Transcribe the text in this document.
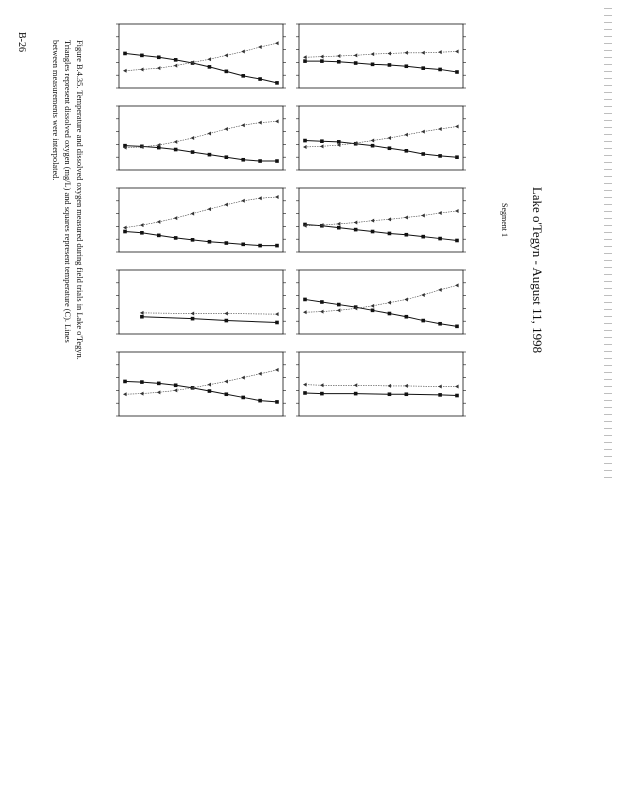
Lake o'Tegyn - August 11, 1998
Segment 1

Figure B.4.35. Temperature and dissolved oxygen measured during field trials in Lake o'Tegyn. Triangles represent dissolved oxygen (mg/L) and squares represent temperature (C). Lines between measurements were interpolated.

B-26
